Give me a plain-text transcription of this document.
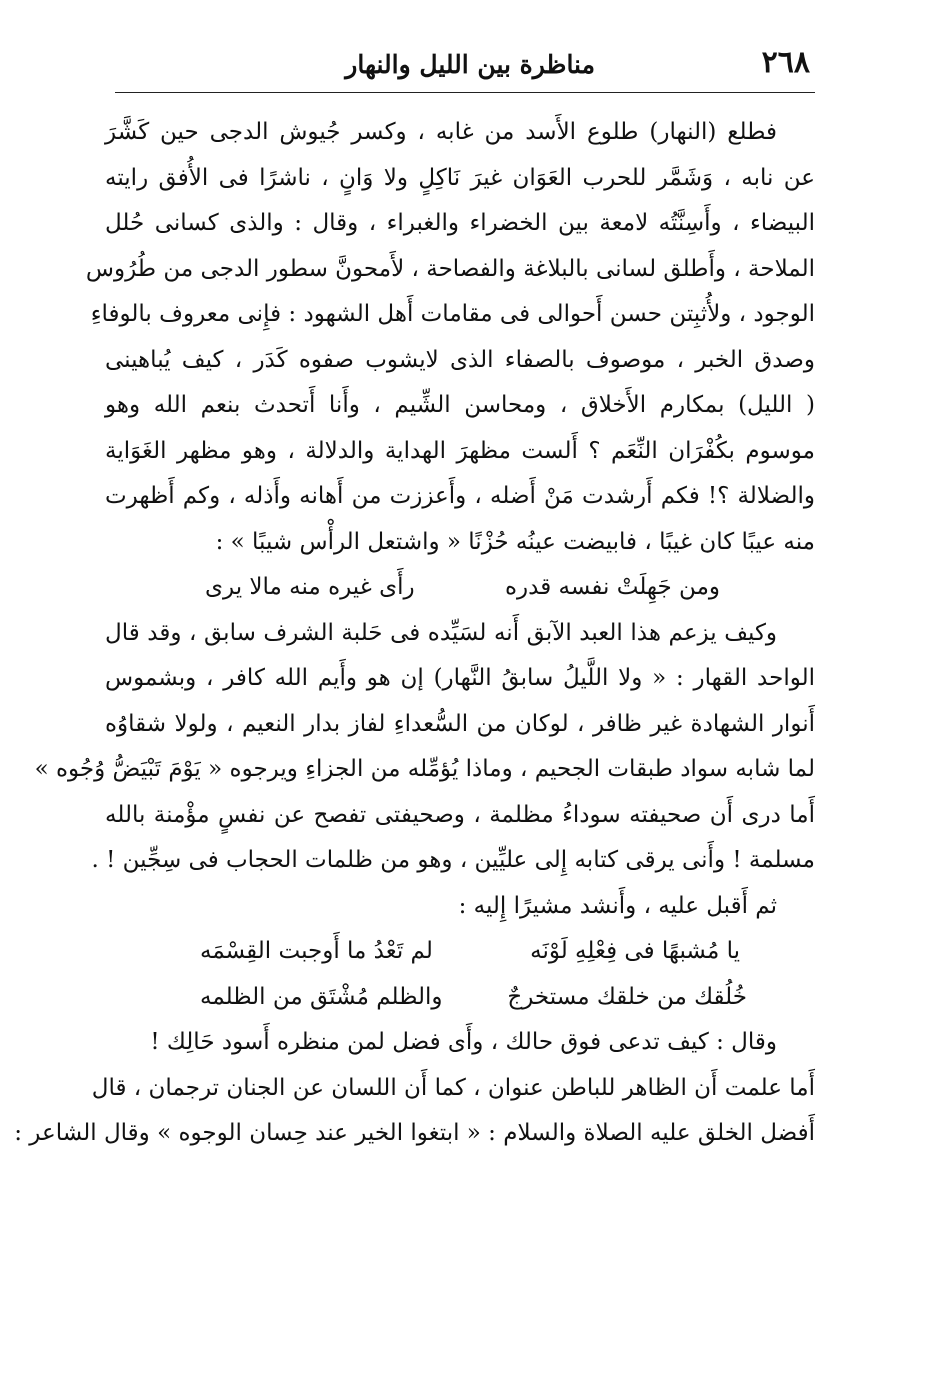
٢٦٨
مناظرة بين الليل والنهار
فطلع (النهار) طلوع الأَسد من غابه ، وكسر جُيوش الدجى حين كَشَّرَ
عن نابه ، وَشَمَّر للحرب العَوَان غيرَ نَاكِلٍ ولا وَانٍ ، ناشرًا فى الأُفق رايته
البيضاء ، وأَسِنَّتُه لامعة بين الخضراء والغبراء ، وقال : والذى كسانى حُلل
الملاحة ، وأَطلق لسانى بالبلاغة والفصاحة ، لأَمحونَّ سطور الدجى من طُرُوس
الوجود ، ولأُثبِتن حسن أَحوالى فى مقامات أَهل الشهود : فإِنى معروف بالوفاءِ
وصدق الخبر ، موصوف بالصفاء الذى لايشوب صفوه كَدَر ، كيف يُباهينى
( الليل) بمكارم الأَخلاق ، ومحاسن الشِّيم ، وأَنا أَتحدث بنعم الله وهو
موسوم بكُفْرَان النِّعَم ؟ أَلست مظهرَ الهداية والدلالة ، وهو مظهر الغَوَاية
والضلالة ؟! فكم أَرشدت مَنْ أَضله ، وأَعززت من أَهانه وأَذله ، وكم أَظهرت
منه عيبًا كان غيبًا ، فابيضت عينُه حُزْنًا « واشتعل الرأْس شيبًا » :
ومن جَهِلَتْ نفسه قدره
رأَى غيره منه مالا يرى
وكيف يزعم هذا العبد الآبق أَنه لسَيِّده فى حَلبة الشرف سابق ، وقد قال
الواحد القهار : « ولا اللَّيلُ سابقُ النَّهار) إن هو وأَيم الله كافر ، وبشموس
أَنوار الشهادة غير ظافر ، لوكان من السُّعداءِ لفاز بدار النعيم ، ولولا شقاوُه
لما شابه سواد طبقات الجحيم ، وماذا يُؤمِّله من الجزاءِ ويرجوه « يَوْمَ تَبْيَضُّ وُجُوه »
أَما درى أَن صحيفته سوداءُ مظلمة ، وصحيفتى تفصح عن نفسٍ مؤْمنة بالله
مسلمة ! وأَنى يرقى كتابه إِلى عليِّين ، وهو من ظلمات الحجاب فى سِجِّين ! .
ثم أَقبل عليه ، وأَنشد مشيرًا إِليه :
يا مُشبهًا فى فِعْلِهِ لَوْنَه
لم تَعْدُ ما أَوجبت القِسْمَه
خُلُقك من خلقك مستخرجٌ
والظلم مُشْتَق من الظلمه
وقال : كيف تدعى فوق حالك ، وأَى فضل لمن منظره أَسود حَالِك !
أَما علمت أَن الظاهر للباطن عنوان ، كما أَن اللسان عن الجنان ترجمان ، قال
أَفضل الخلق عليه الصلاة والسلام : « ابتغوا الخير عند حِسان الوجوه » وقال الشاعر :
